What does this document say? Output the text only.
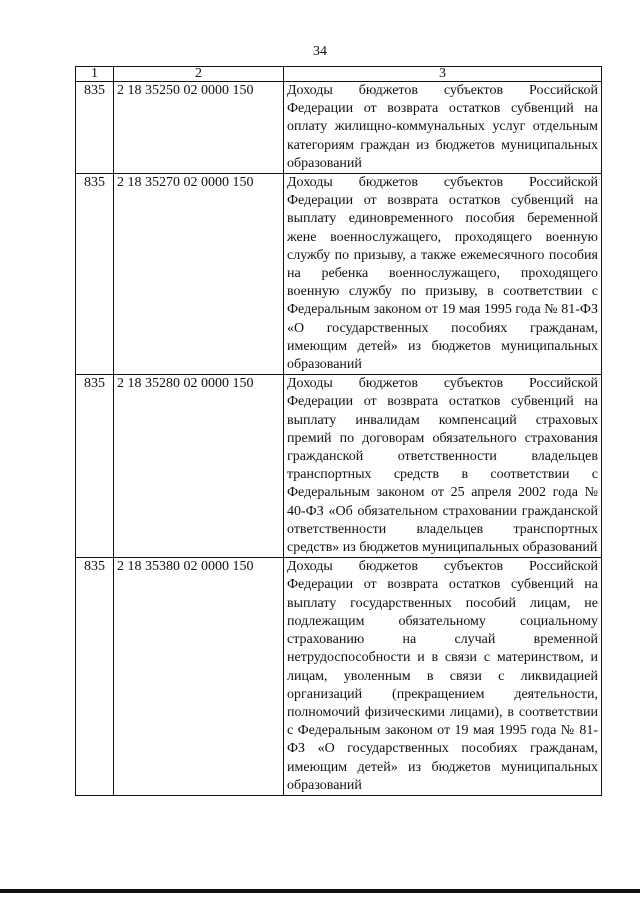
34
1	2	3
835	2 18 35250 02 0000 150	Доходы бюджетов субъектов Российской Федерации от возврата остатков субвенций на оплату жилищно-коммунальных услуг отдельным категориям граждан из бюджетов муниципальных образований
835	2 18 35270 02 0000 150	Доходы бюджетов субъектов Российской Федерации от возврата остатков субвенций на выплату единовременного пособия беременной жене военнослужащего, проходящего военную службу по призыву, а также ежемесячного пособия на ребенка военнослужащего, проходящего военную службу по призыву, в соответствии с Федеральным законом от 19 мая 1995 года № 81-ФЗ «О государственных пособиях гражданам, имеющим детей» из бюджетов муниципальных образований
835	2 18 35280 02 0000 150	Доходы бюджетов субъектов Российской Федерации от возврата остатков субвенций на выплату инвалидам компенсаций страховых премий по договорам обязательного страхования гражданской ответственности владельцев транспортных средств в соответствии с Федеральным законом от 25 апреля 2002 года № 40-ФЗ «Об обязательном страховании гражданской ответственности владельцев транспортных средств» из бюджетов муниципальных образований
835	2 18 35380 02 0000 150	Доходы бюджетов субъектов Российской Федерации от возврата остатков субвенций на выплату государственных пособий лицам, не подлежащим обязательному социальному страхованию на случай временной нетрудоспособности и в связи с материнством, и лицам, уволенным в связи с ликвидацией организаций (прекращением деятельности, полномочий физическими лицами), в соответствии с Федеральным законом от 19 мая 1995 года № 81-ФЗ «О государственных пособиях гражданам, имеющим детей» из бюджетов муниципальных образований
